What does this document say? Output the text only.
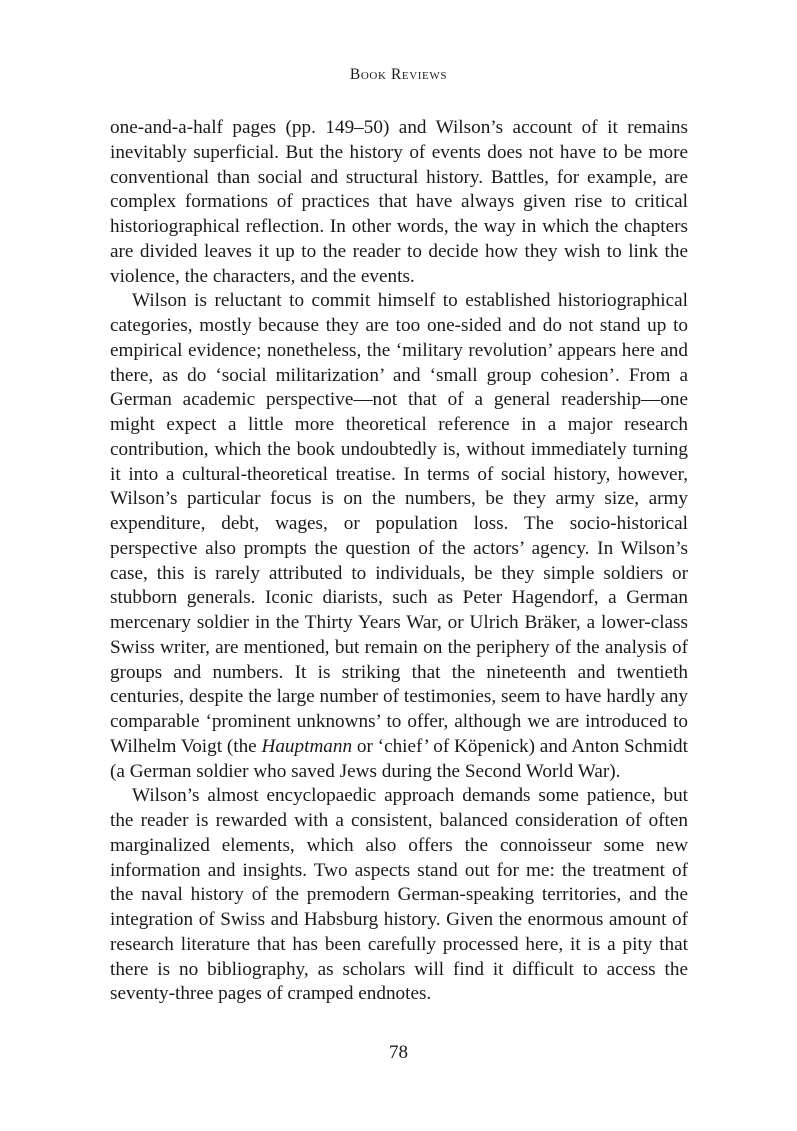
Book Reviews

one-and-a-half pages (pp. 149–50) and Wilson’s account of it remains inevitably superficial. But the history of events does not have to be more conventional than social and structural history. Battles, for example, are complex formations of practices that have always given rise to critical historiographical reflection. In other words, the way in which the chapters are divided leaves it up to the reader to decide how they wish to link the violence, the characters, and the events.

Wilson is reluctant to commit himself to established historiographical categories, mostly because they are too one-sided and do not stand up to empirical evidence; nonetheless, the ‘military revolution’ appears here and there, as do ‘social militarization’ and ‘small group cohesion’. From a German academic perspective—not that of a general readership—one might expect a little more theoretical reference in a major research contribution, which the book undoubtedly is, without immediately turning it into a cultural-theoretical treatise. In terms of social history, however, Wilson’s particular focus is on the numbers, be they army size, army expenditure, debt, wages, or population loss. The socio-historical perspective also prompts the question of the actors’ agency. In Wilson’s case, this is rarely attributed to individuals, be they simple soldiers or stubborn generals. Iconic diarists, such as Peter Hagendorf, a German mercenary soldier in the Thirty Years War, or Ulrich Bräker, a lower-class Swiss writer, are mentioned, but remain on the periphery of the analysis of groups and numbers. It is striking that the nineteenth and twentieth centuries, despite the large number of testimonies, seem to have hardly any comparable ‘prominent unknowns’ to offer, although we are introduced to Wilhelm Voigt (the Hauptmann or ‘chief’ of Köpenick) and Anton Schmidt (a German soldier who saved Jews during the Second World War).

Wilson’s almost encyclopaedic approach demands some patience, but the reader is rewarded with a consistent, balanced consideration of often marginalized elements, which also offers the connoisseur some new information and insights. Two aspects stand out for me: the treatment of the naval history of the premodern German-speaking territories, and the integration of Swiss and Habsburg history. Given the enormous amount of research literature that has been carefully processed here, it is a pity that there is no bibliography, as scholars will find it difficult to access the seventy-three pages of cramped endnotes.

78
